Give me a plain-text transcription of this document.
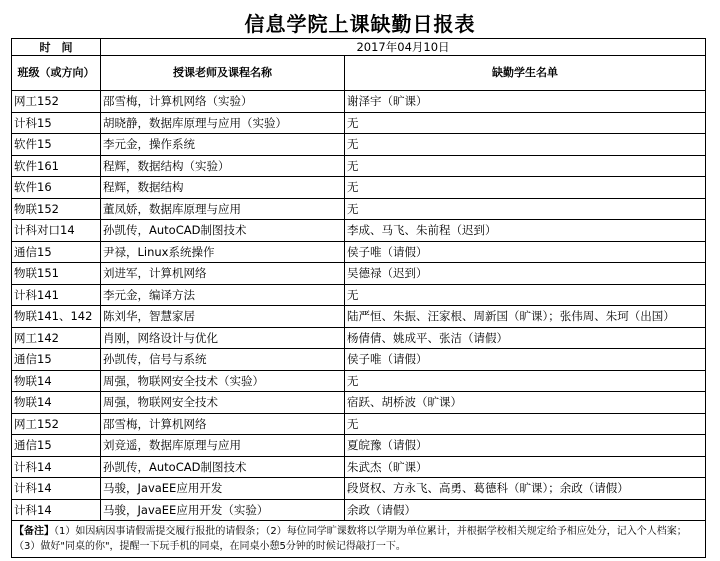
信息学院上课缺勤日报表
时　间	2017年04月10日	
班级（或方向）	授课老师及课程名称	缺勤学生名单
网工152	邵雪梅，计算机网络（实验）	谢泽宇（旷课）
计科15	胡晓静，数据库原理与应用（实验）	无
软件15	李元金，操作系统	无
软件161	程辉，数据结构（实验）	无
软件16	程辉，数据结构	无
物联152	董凤娇，数据库原理与应用	无
计科对口14	孙凯传，AutoCAD制图技术	李成、马飞、朱前程（迟到）
通信15	尹禄，Linux系统操作	侯子唯（请假）
物联151	刘进军，计算机网络	吴德禄（迟到）
计科141	李元金，编译方法	无
物联141、142	陈刘华，智慧家居	陆严恒、朱振、汪家根、周新国（旷课）；张伟周、朱珂（出国）
网工142	肖刚，网络设计与优化	杨倩倩、姚成平、张洁（请假）
通信15	孙凯传，信号与系统	侯子唯（请假）
物联14	周强，物联网安全技术（实验）	无
物联14	周强，物联网安全技术	宿跃、胡桥波（旷课）
网工152	邵雪梅，计算机网络	无
通信15	刘竞遥，数据库原理与应用	夏皖豫（请假）
计科14	孙凯传，AutoCAD制图技术	朱武杰（旷课）
计科14	马骏，JavaEE应用开发	段贤权、方永飞、高勇、葛德科（旷课）；余政（请假）
计科14	马骏，JavaEE应用开发（实验）	余政（请假）
【备注】（1）如因病因事请假需提交履行报批的请假条；（2）每位同学旷课数将以学期为单位累计，并根据学校相关规定给予相应处分，记入个人档案；（3）做好"同桌的你"，提醒一下玩手机的同桌，在同桌小憩5分钟的时候记得敲打一下。		
